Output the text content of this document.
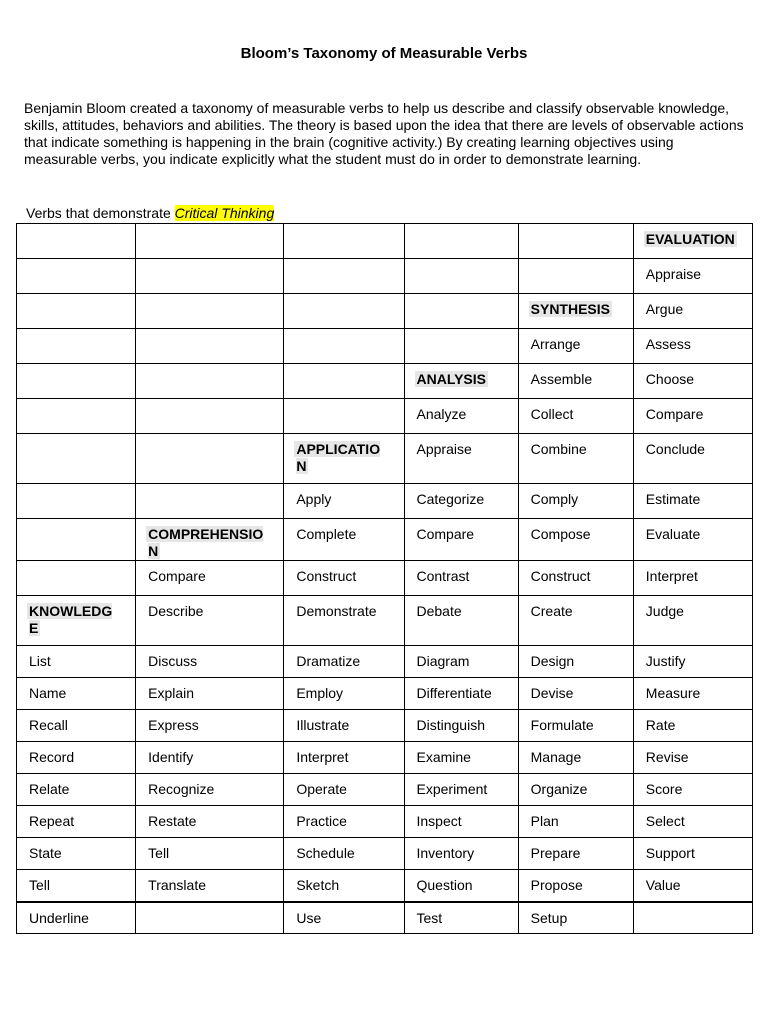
Bloom’s Taxonomy of Measurable Verbs

Benjamin Bloom created a taxonomy of measurable verbs to help us describe and classify observable knowledge, skills, attitudes, behaviors and abilities. The theory is based upon the idea that there are levels of observable actions that indicate something is happening in the brain (cognitive activity.) By creating learning objectives using measurable verbs, you indicate explicitly what the student must do in order to demonstrate learning.

Verbs that demonstrate Critical Thinking
					EVALUATION
					Appraise
				SYNTHESIS	Argue
				Arrange	Assess
			ANALYSIS	Assemble	Choose
			Analyze	Collect	Compare
		APPLICATION	Appraise	Combine	Conclude
		Apply	Categorize	Comply	Estimate
	COMPREHENSION	Complete	Compare	Compose	Evaluate
	Compare	Construct	Contrast	Construct	Interpret
KNOWLEDGE	Describe	Demonstrate	Debate	Create	Judge
List	Discuss	Dramatize	Diagram	Design	Justify
Name	Explain	Employ	Differentiate	Devise	Measure
Recall	Express	Illustrate	Distinguish	Formulate	Rate
Record	Identify	Interpret	Examine	Manage	Revise
Relate	Recognize	Operate	Experiment	Organize	Score
Repeat	Restate	Practice	Inspect	Plan	Select
State	Tell	Schedule	Inventory	Prepare	Support
Tell	Translate	Sketch	Question	Propose	Value
Underline		Use	Test	Setup	
